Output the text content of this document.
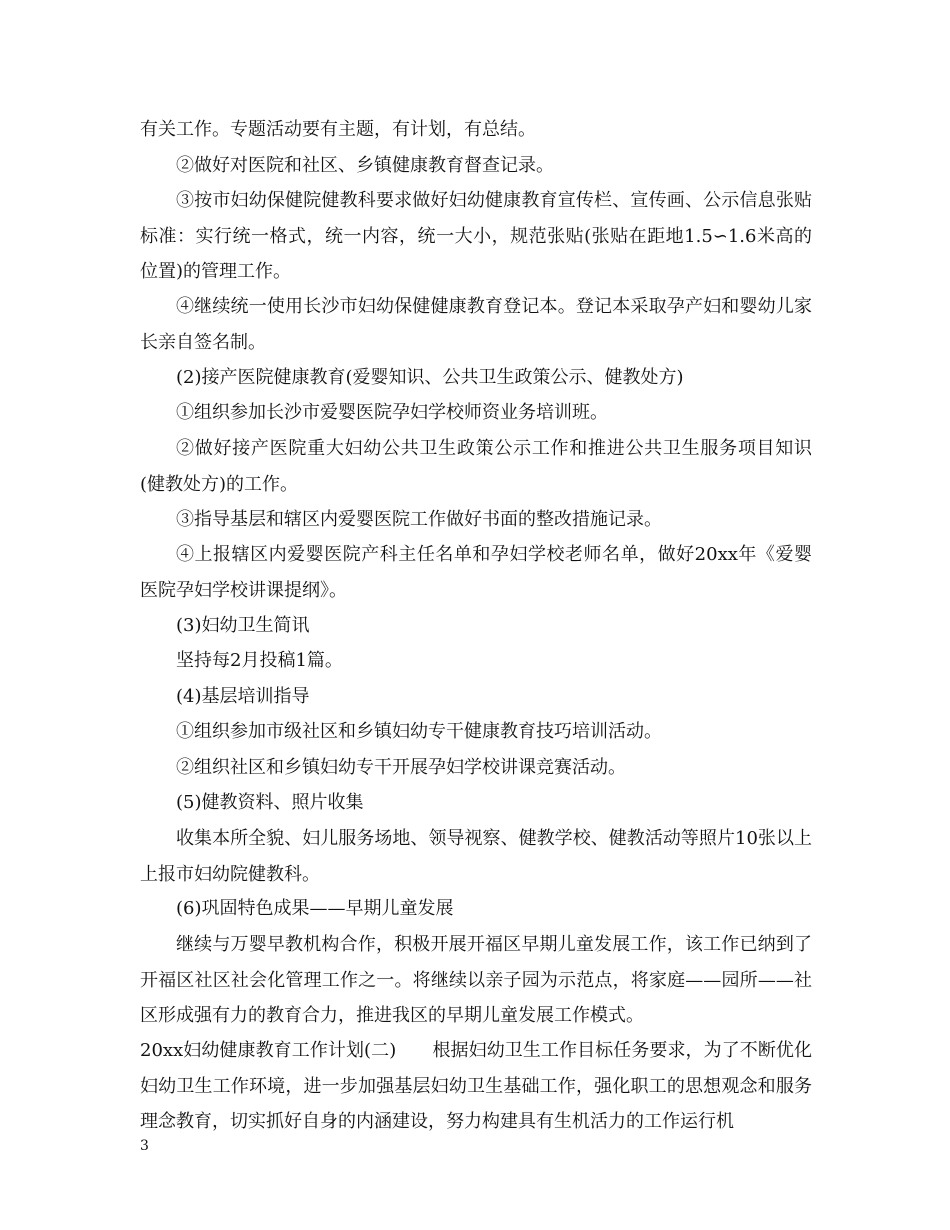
有关工作。专题活动要有主题，有计划，有总结。
②做好对医院和社区、乡镇健康教育督查记录。
③按市妇幼保健院健教科要求做好妇幼健康教育宣传栏、宣传画、公示信息张贴标准：实行统一格式，统一内容，统一大小，规范张贴(张贴在距地1.5∽1.6米高的位置)的管理工作。
④继续统一使用长沙市妇幼保健健康教育登记本。登记本采取孕产妇和婴幼儿家长亲自签名制。
(2)接产医院健康教育(爱婴知识、公共卫生政策公示、健教处方)
①组织参加长沙市爱婴医院孕妇学校师资业务培训班。
②做好接产医院重大妇幼公共卫生政策公示工作和推进公共卫生服务项目知识(健教处方)的工作。
③指导基层和辖区内爱婴医院工作做好书面的整改措施记录。
④上报辖区内爱婴医院产科主任名单和孕妇学校老师名单，做好20xx年《爱婴医院孕妇学校讲课提纲》。
(3)妇幼卫生简讯
坚持每2月投稿1篇。
(4)基层培训指导
①组织参加市级社区和乡镇妇幼专干健康教育技巧培训活动。
②组织社区和乡镇妇幼专干开展孕妇学校讲课竞赛活动。
(5)健教资料、照片收集
收集本所全貌、妇儿服务场地、领导视察、健教学校、健教活动等照片10张以上上报市妇幼院健教科。
(6)巩固特色成果——早期儿童发展
继续与万婴早教机构合作，积极开展开福区早期儿童发展工作，该工作已纳到了开福区社区社会化管理工作之一。将继续以亲子园为示范点，将家庭——园所——社区形成强有力的教育合力，推进我区的早期儿童发展工作模式。
20xx妇幼健康教育工作计划(二)　　根据妇幼卫生工作目标任务要求，为了不断优化妇幼卫生工作环境，进一步加强基层妇幼卫生基础工作，强化职工的思想观念和服务理念教育，切实抓好自身的内涵建设，努力构建具有生机活力的工作运行机
3
